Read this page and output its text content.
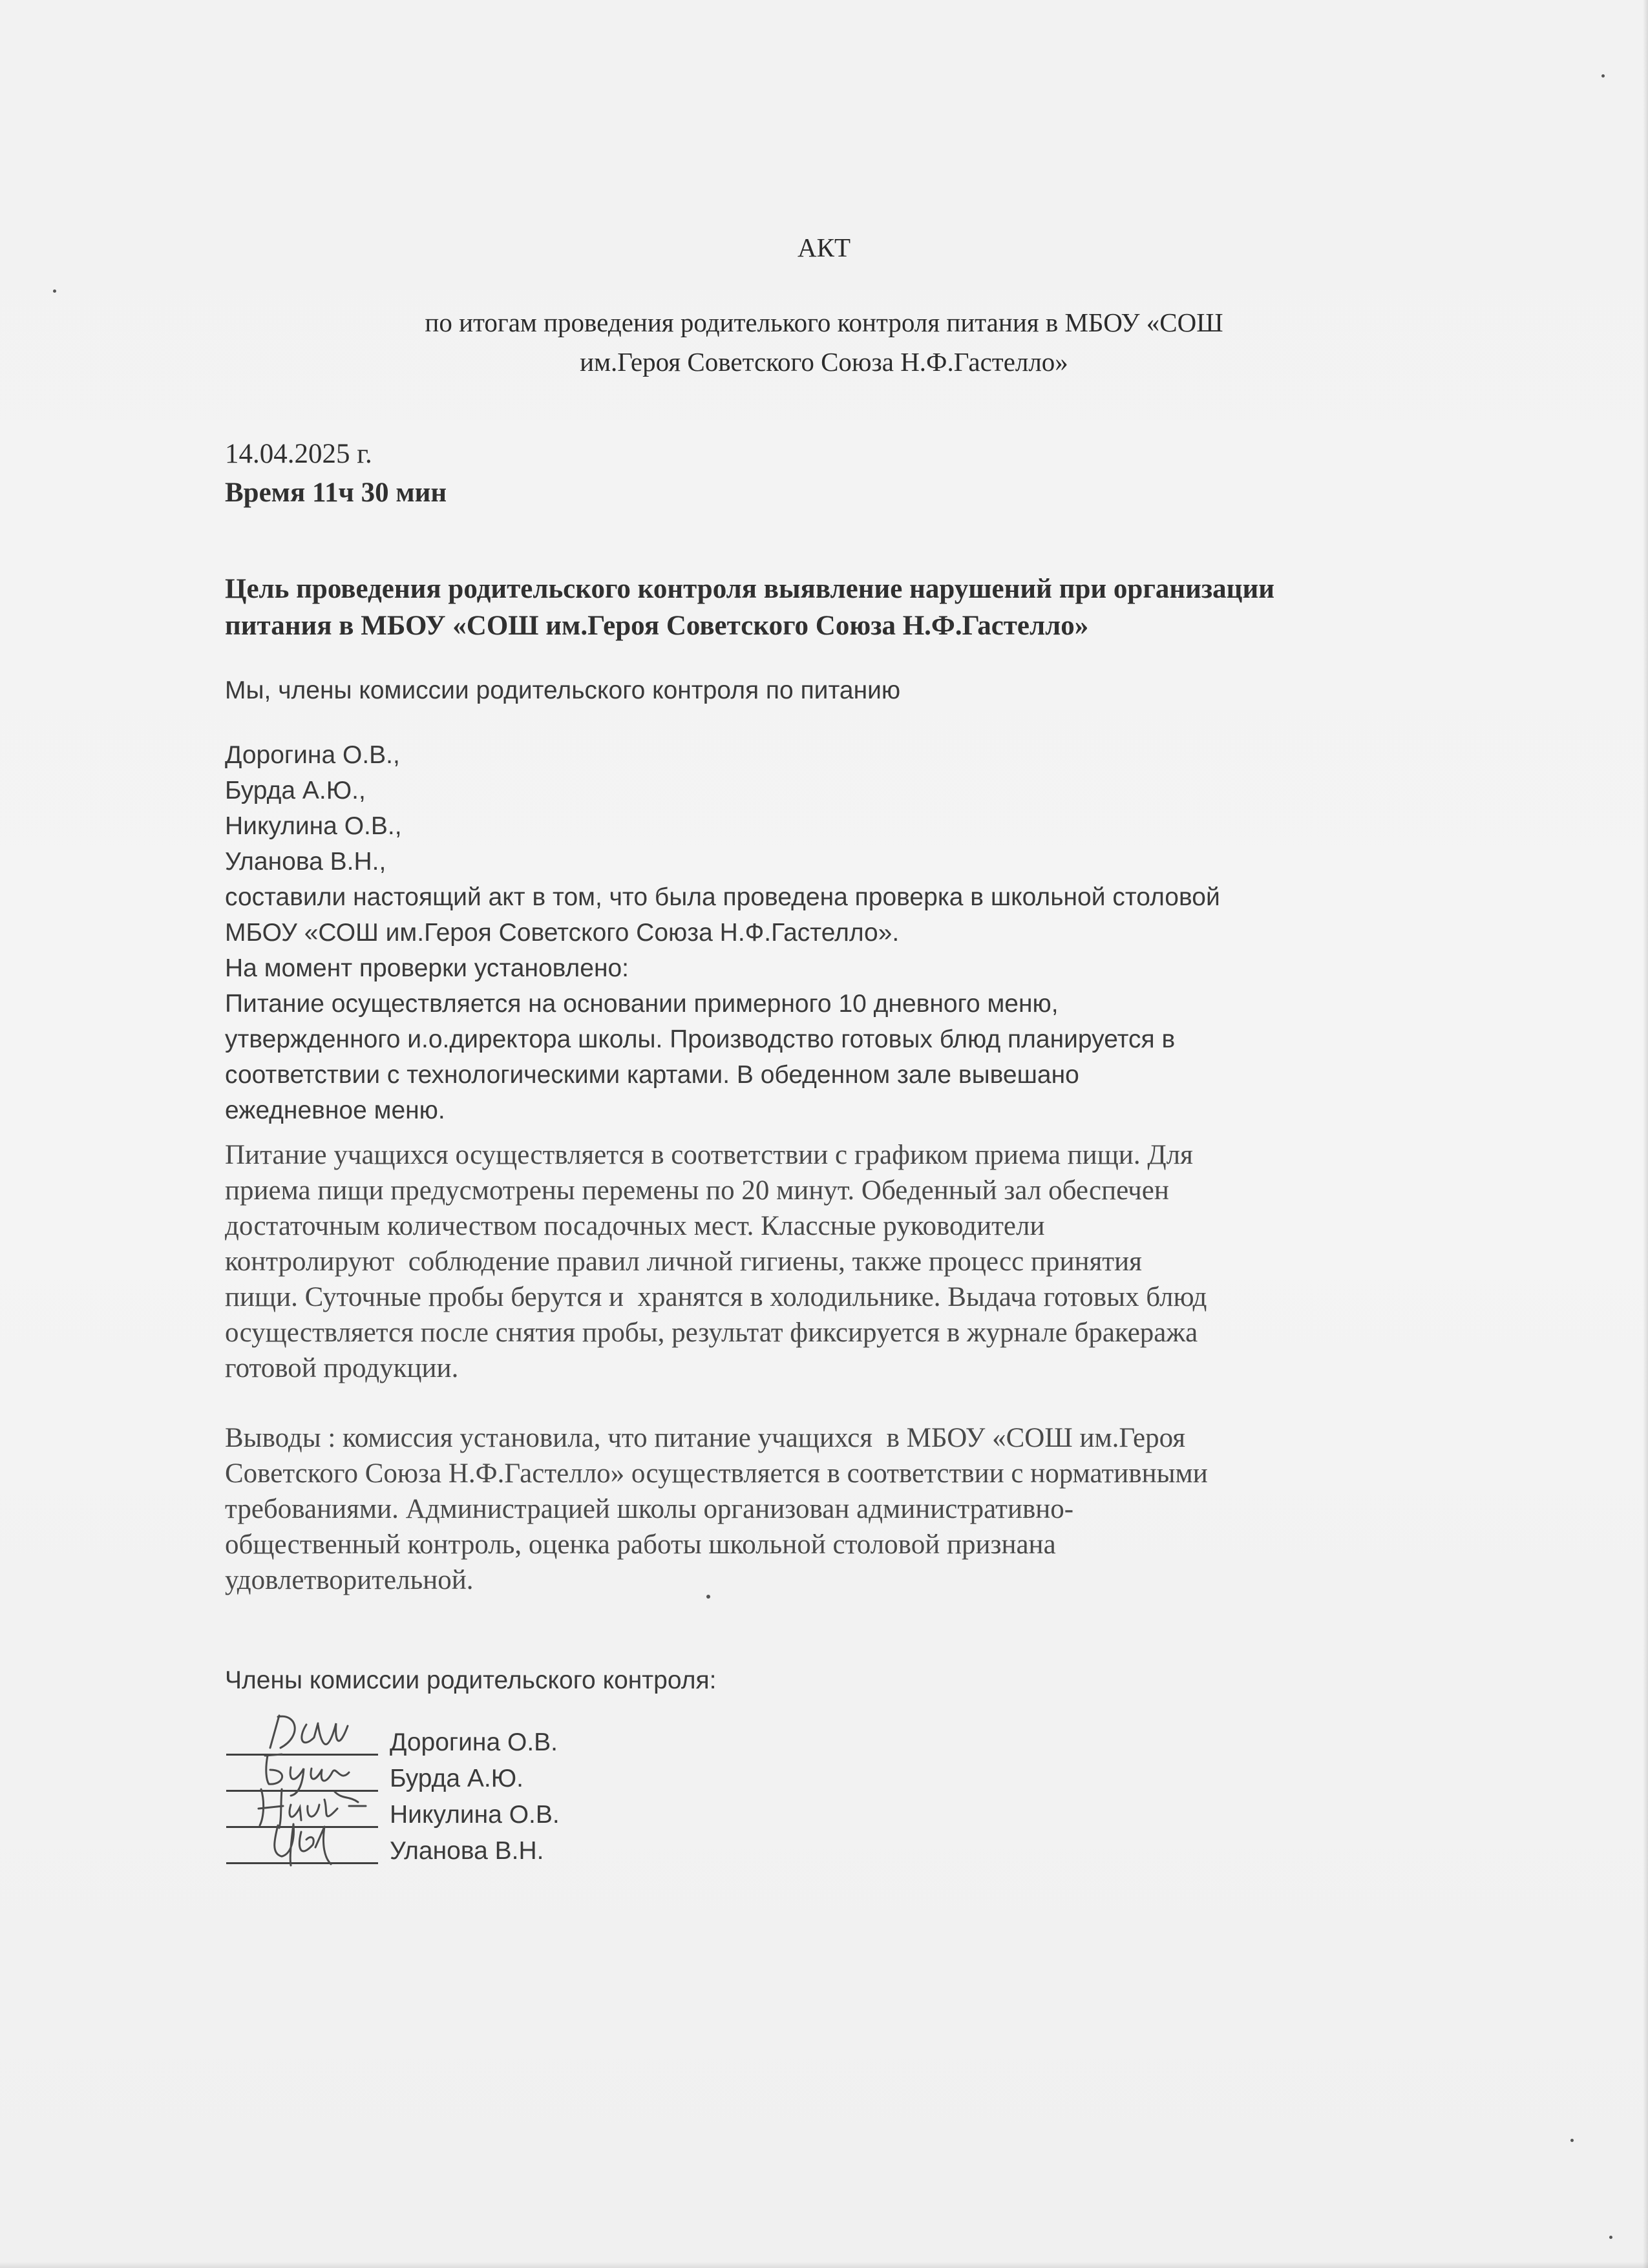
АКТ
по итогам проведения родителького контроля питания в МБОУ «СОШ
им.Героя Советского Союза Н.Ф.Гастелло»
14.04.2025 г.
Время 11ч 30 мин
Цель проведения родительского контроля выявление нарушений при организации
питания в МБОУ «СОШ им.Героя Советского Союза Н.Ф.Гастелло»
Мы, члены комиссии родительского контроля по питанию
Дорогина О.В.,
Бурда А.Ю.,
Никулина О.В.,
Уланова В.Н.,
составили настоящий акт в том, что была проведена проверка в школьной столовой
МБОУ «СОШ им.Героя Советского Союза Н.Ф.Гастелло».
На момент проверки установлено:
Питание осуществляется на основании примерного 10 дневного меню,
утвержденного и.о.директора школы. Производство готовых блюд планируется в
соответствии с технологическими картами. В обеденном зале вывешано
ежедневное меню.
Питание учащихся осуществляется в соответствии с графиком приема пищи. Для
приема пищи предусмотрены перемены по 20 минут. Обеденный зал обеспечен
достаточным количеством посадочных мест. Классные руководители
контролируют  соблюдение правил личной гигиены, также процесс принятия
пищи. Суточные пробы берутся и  хранятся в холодильнике. Выдача готовых блюд
осуществляется после снятия пробы, результат фиксируется в журнале бракеража
готовой продукции.
Выводы : комиссия установила, что питание учащихся  в МБОУ «СОШ им.Героя
Советского Союза Н.Ф.Гастелло» осуществляется в соответствии с нормативными
требованиями. Администрацией школы организован административно-
общественный контроль, оценка работы школьной столовой признана
удовлетворительной.
Члены комиссии родительского контроля:
Дорогина О.В.
Бурда А.Ю.
Никулина О.В.
Уланова В.Н.
